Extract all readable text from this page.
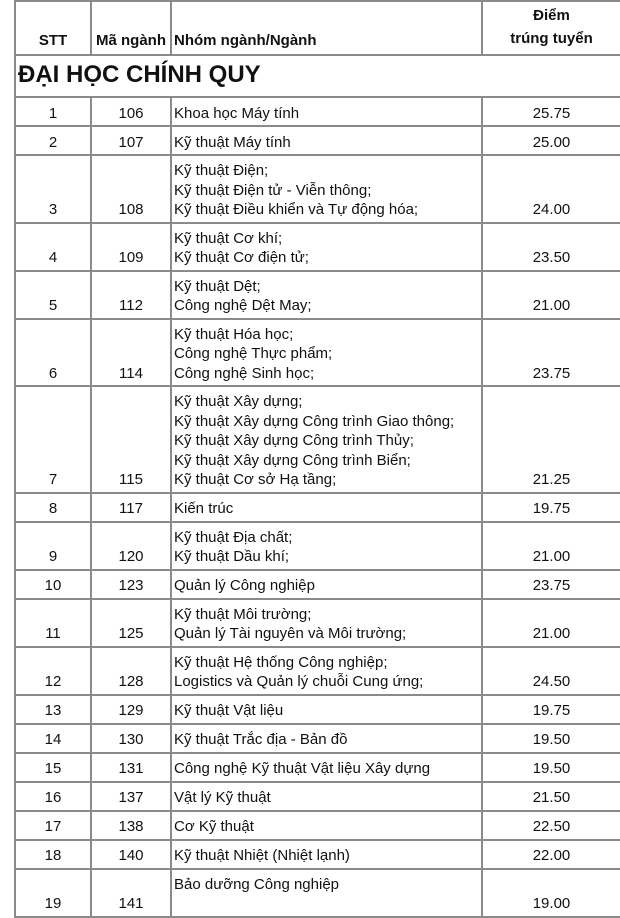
STT	Mã ngành	Nhóm ngành/Ngành	Điểm
trúng tuyển

ĐẠI HỌC CHÍNH QUY			
1	106	Khoa học Máy tính	25.75
2	107	Kỹ thuật Máy tính	25.00
3	108	Kỹ thuật Điện;
Kỹ thuật Điện tử - Viễn thông;
Kỹ thuật Điều khiển và Tự động hóa;	24.00
4	109	Kỹ thuật Cơ khí;
Kỹ thuật Cơ điện tử;	23.50
5	112	Kỹ thuật Dệt;
Công nghệ Dệt May;	21.00
6	114	Kỹ thuật Hóa học;
Công nghệ Thực phẩm;
Công nghệ Sinh học;	23.75
7	115	Kỹ thuật Xây dựng;
Kỹ thuật Xây dựng Công trình Giao thông;
Kỹ thuật Xây dựng Công trình Thủy;
Kỹ thuật Xây dựng Công trình Biển;
Kỹ thuật Cơ sở Hạ tầng;	21.25
8	117	Kiến trúc	19.75
9	120	Kỹ thuật Địa chất;
Kỹ thuật Dầu khí;	21.00
10	123	Quản lý Công nghiệp	23.75
11	125	Kỹ thuật Môi trường;
Quản lý Tài nguyên và Môi trường;	21.00
12	128	Kỹ thuật Hệ thống Công nghiệp;
Logistics và Quản lý chuỗi Cung ứng;	24.50
13	129	Kỹ thuật Vật liệu	19.75
14	130	Kỹ thuật Trắc địa - Bản đồ	19.50
15	131	Công nghệ Kỹ thuật Vật liệu Xây dựng	19.50
16	137	Vật lý Kỹ thuật	21.50
17	138	Cơ Kỹ thuật	22.50
18	140	Kỹ thuật Nhiệt (Nhiệt lạnh)	22.00
19	141	Bảo dưỡng Công nghiệp	19.00
